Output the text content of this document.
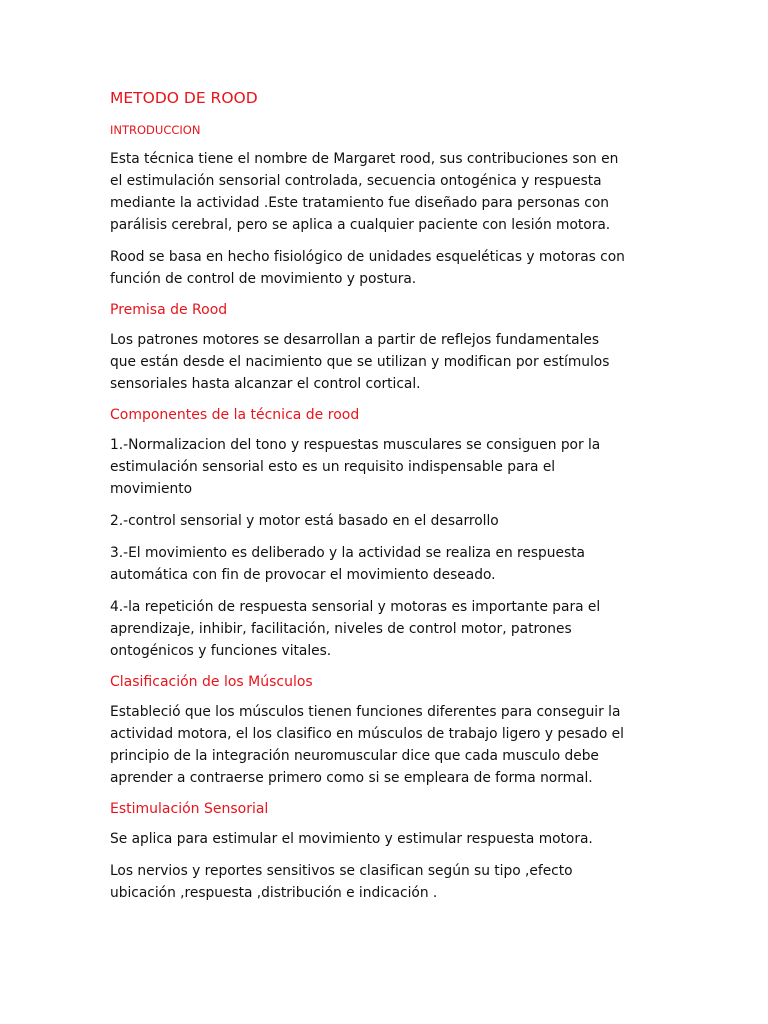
METODO DE ROOD
INTRODUCCION

Esta técnica tiene el nombre de Margaret rood, sus contribuciones son en
el estimulación sensorial controlada, secuencia ontogénica y respuesta
mediante la actividad .Este tratamiento fue diseñado para personas con
parálisis cerebral, pero se aplica a cualquier paciente con lesión motora.

Rood se basa en hecho fisiológico de unidades esqueléticas y motoras con
función de control de movimiento y postura.

Premisa de Rood

Los patrones motores se desarrollan a partir de reflejos fundamentales
que están desde el nacimiento que se utilizan y modifican por estímulos
sensoriales hasta alcanzar el control cortical.

Componentes de la técnica de rood

1.-Normalizacion del tono y respuestas musculares se consiguen por la
estimulación sensorial esto es un requisito indispensable para el
movimiento

2.-control sensorial y motor está basado en el desarrollo

3.-El movimiento es deliberado y la actividad se realiza en respuesta
automática con fin de provocar el movimiento deseado.

4.-la repetición de respuesta sensorial y motoras es importante para el
aprendizaje, inhibir, facilitación, niveles de control motor, patrones
ontogénicos y funciones vitales.

Clasificación de los Músculos

Estableció que los músculos tienen funciones diferentes para conseguir la
actividad motora, el los clasifico en músculos de trabajo ligero y pesado el
principio de la integración neuromuscular dice que cada musculo debe
aprender a contraerse primero como si se empleara de forma normal.

Estimulación Sensorial

Se aplica para estimular el movimiento y estimular respuesta motora.

Los nervios y reportes sensitivos se clasifican según su tipo ,efecto
ubicación ,respuesta ,distribución e indicación .
